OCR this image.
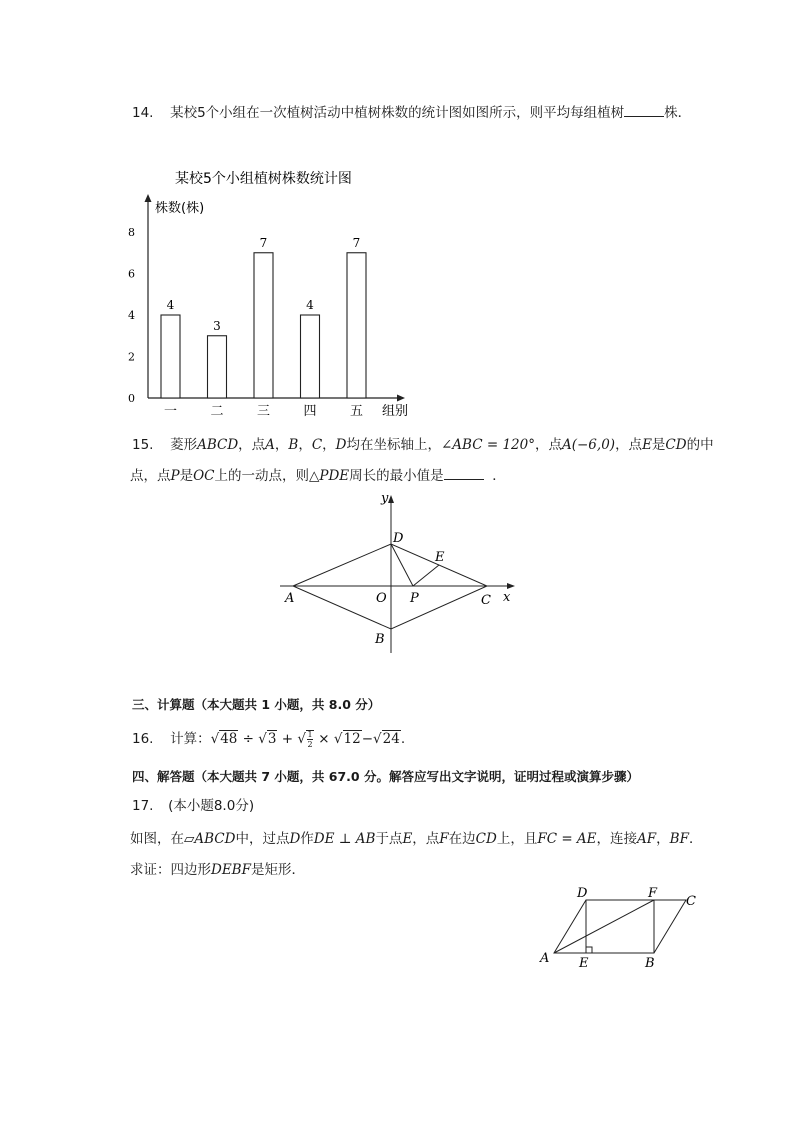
14. 某校5个小组在一次植树活动中植树株数的统计图如图所示，则平均每组植树	株．
某校5个小组植树株数统计图
株数(株)
组别
0
2
4
6
8
4
一
3
二
7
三
4
四
7
五
15. 菱形ABCD，点A，B，C，D均在坐标轴上，∠ABC = 120°，点A(−6,0)，点E是CD的中
点，点P是OC上的一动点，则△PDE周长的最小值是	．
y
x
D
E
A	O P	C
B
三、计算题（本大题共 1 小题，共 8.0 分）
16. 计算：√48 ÷ √3 + √ $\frac{1}{2} \times √12-√24$.
四、解答题（本大题共 7 小题，共 67.0 分。解答应写出文字说明，证明过程或演算步骤）
17. (本小题8.0分)
如图，在▱ABCD中，过点D作DE ⊥ AB于点E，点F在边CD上，且FC = AE，连接AF，BF．
求证：四边形DEBF是矩形．
D	F
C
A E	B
